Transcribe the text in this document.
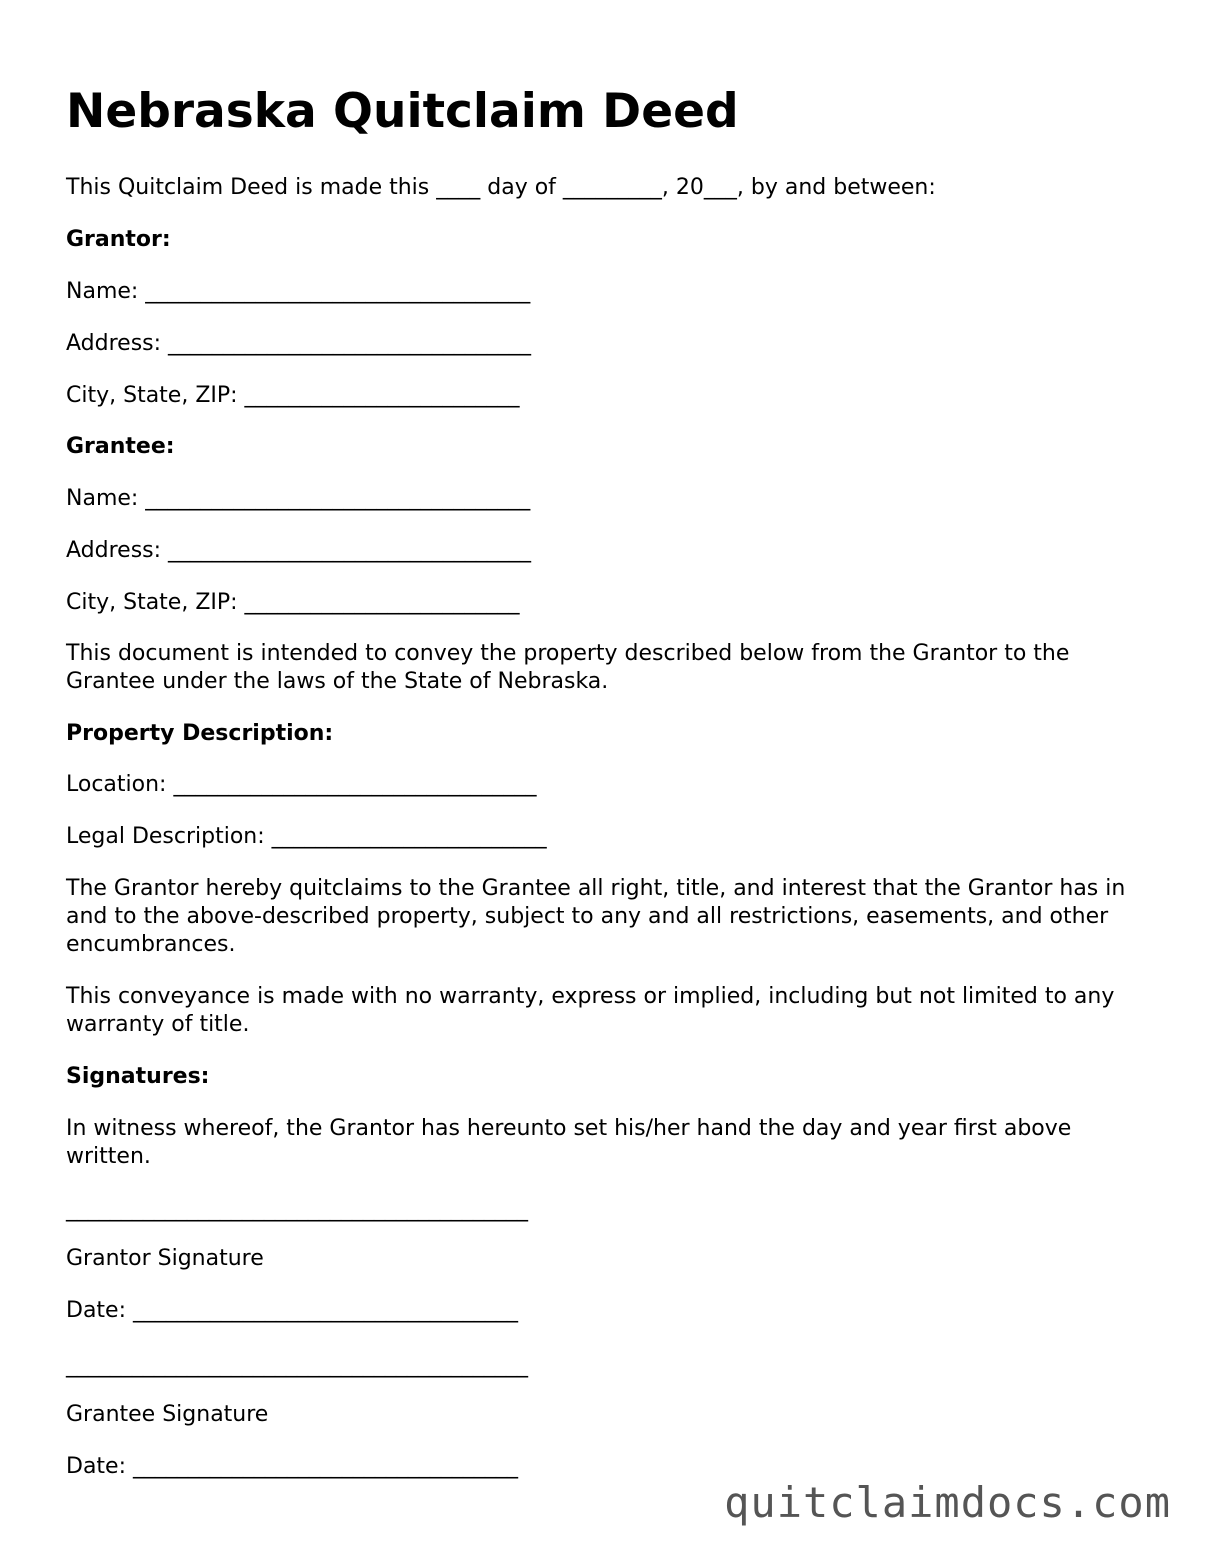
Nebraska Quitclaim Deed

This Quitclaim Deed is made this ____ day of _________, 20___, by and between:

Grantor:

Name: ___________________________________

Address: _________________________________

City, State, ZIP: _________________________

Grantee:

Name: ___________________________________

Address: _________________________________

City, State, ZIP: _________________________

This document is intended to convey the property described below from the Grantor to the Grantee under the laws of the State of Nebraska.

Property Description:

Location: _________________________________

Legal Description: _________________________

The Grantor hereby quitclaims to the Grantee all right, title, and interest that the Grantor has in and to the above-described property, subject to any and all restrictions, easements, and other encumbrances.

This conveyance is made with no warranty, express or implied, including but not limited to any warranty of title.

Signatures:

In witness whereof, the Grantor has hereunto set his/her hand the day and year first above written.

__________________________________________

Grantor Signature

Date: ___________________________________

__________________________________________

Grantee Signature

Date: ___________________________________

quitclaimdocs.com
